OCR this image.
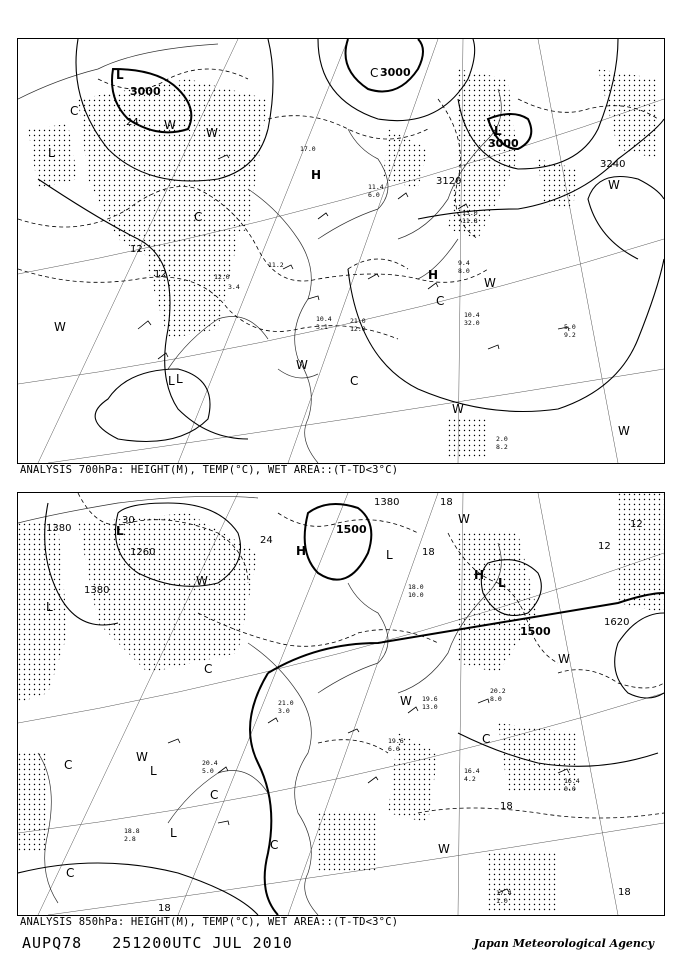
3000
3000
3000
3120
3240
24
12
12
L
L
L
L
H
H
C
C
C
C
C
W
W
W
W
W
W
W
W
L
12.0
17.0
11.4
6.0
10.4
3.1
9.4
8.0
10.4
32.0	5.0
9.2
2.0
8.2
13.0
11.8
21.0
12.0
3.4
11.2
ANALYSIS 700hPa: HEIGHT(M), TEMP(°C), WET AREA::(T-TD<3°C)
1380
1380
1380
1260
1620
1500
1500
30
24
18
18
12
12
18
18
18
L
L
L
L
L
L
H
H
C
C
C
C
C
C
W
W
W
W
W
W
18.0
10.0
20.2
8.0
16.4
4.2	16.4
0.0
17.4
1.0
19.6
6.0
21.0
3.0
20.4
5.0
18.8
2.8
19.6
13.0
ANALYSIS 850hPa: HEIGHT(M), TEMP(°C), WET AREA::(T-TD<3°C)
AUPQ78 251200UTC JUL 2010	Japan Meteorological Agency
